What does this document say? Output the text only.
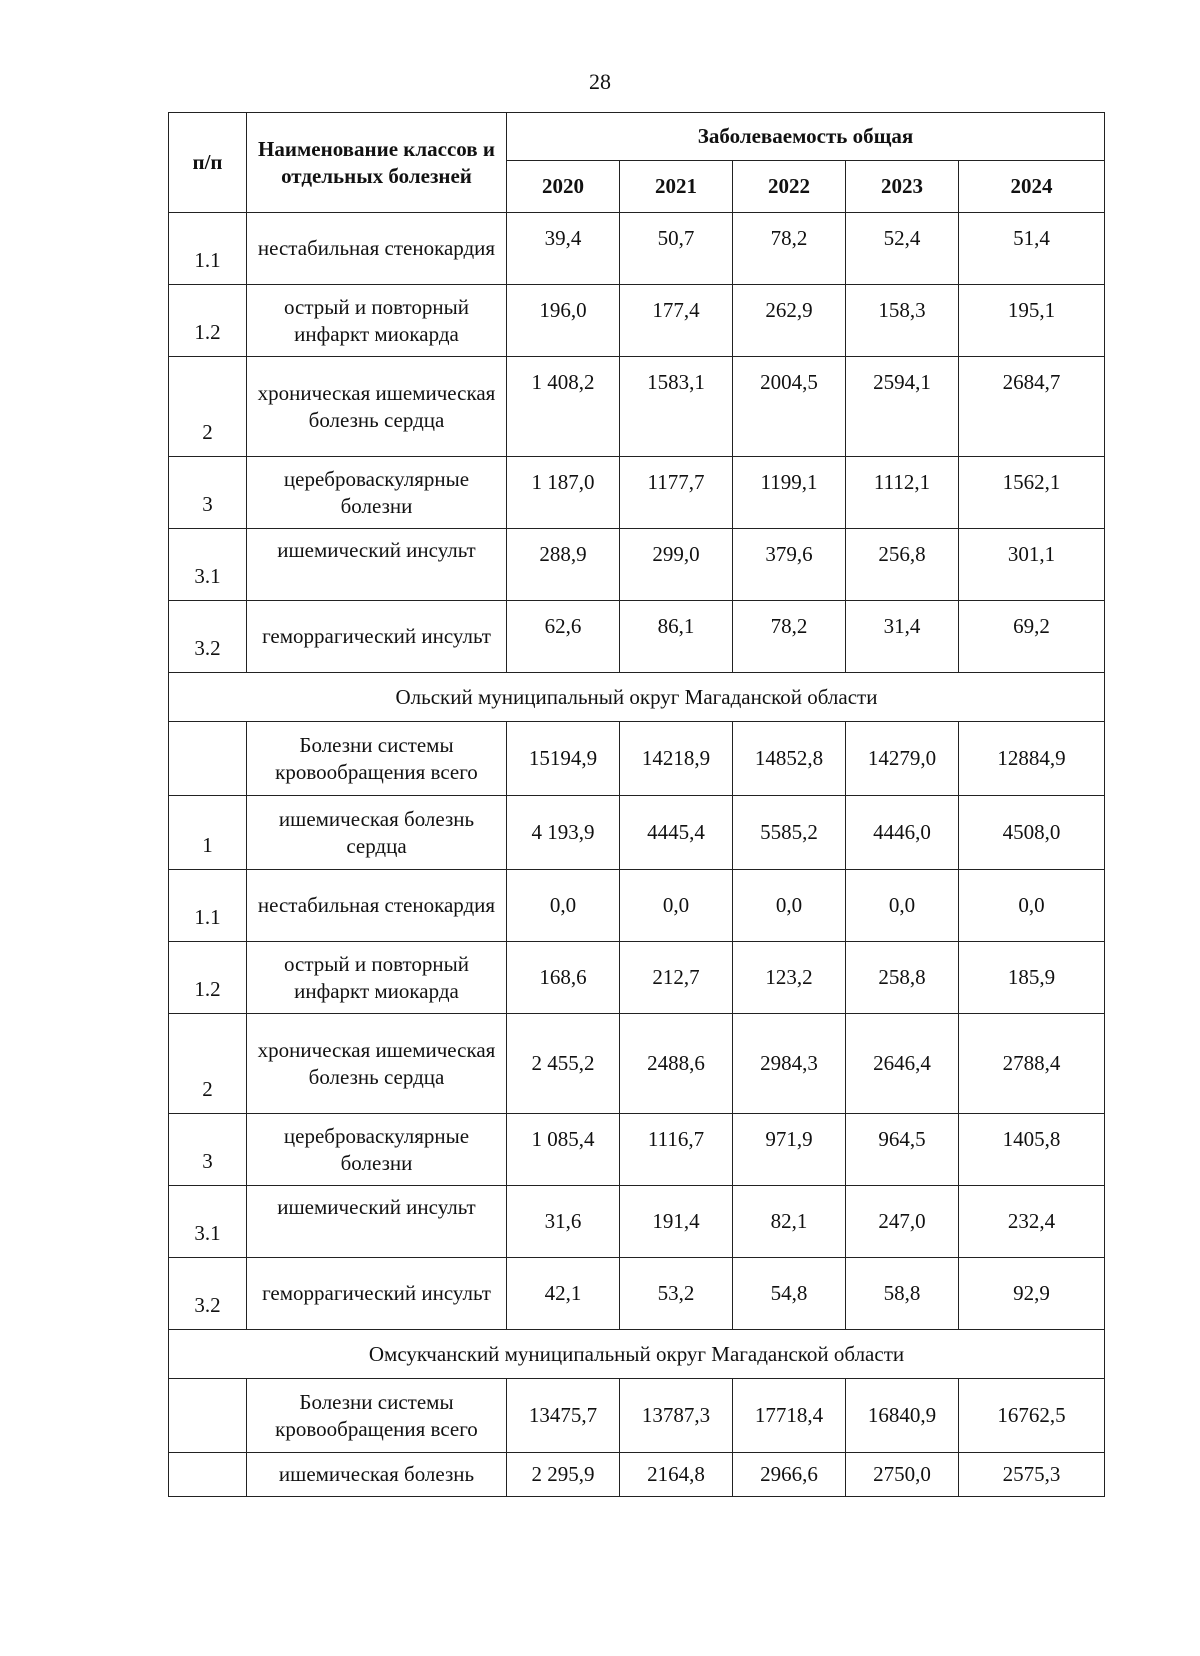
28
п/п	Наименование классов и отдельных болезней	Заболеваемость общая				
		2020	2021	2022	2023	2024
1.1	нестабильная стенокардия	39,4	50,7	78,2	52,4	51,4
1.2	острый и повторный инфаркт миокарда	196,0	177,4	262,9	158,3	195,1
2	хроническая ишемическая болезнь сердца	1 408,2	1583,1	2004,5	2594,1	2684,7
3	цереброваскулярные болезни	1 187,0	1177,7	1199,1	1112,1	1562,1
3.1	ишемический инсульт	288,9	299,0	379,6	256,8	301,1
3.2	геморрагический инсульт	62,6	86,1	78,2	31,4	69,2
Ольский муниципальный округ Магаданской области						
	Болезни системы кровообращения всего	15194,9	14218,9	14852,8	14279,0	12884,9
1	ишемическая болезнь сердца	4 193,9	4445,4	5585,2	4446,0	4508,0
1.1	нестабильная стенокардия	0,0	0,0	0,0	0,0	0,0
1.2	острый и повторный инфаркт миокарда	168,6	212,7	123,2	258,8	185,9
2	хроническая ишемическая болезнь сердца	2 455,2	2488,6	2984,3	2646,4	2788,4
3	цереброваскулярные болезни	1 085,4	1116,7	971,9	964,5	1405,8
3.1	ишемический инсульт	31,6	191,4	82,1	247,0	232,4
3.2	геморрагический инсульт	42,1	53,2	54,8	58,8	92,9
Омсукчанский муниципальный округ Магаданской области						
	Болезни системы кровообращения всего	13475,7	13787,3	17718,4	16840,9	16762,5
	ишемическая болезнь	2 295,9	2164,8	2966,6	2750,0	2575,3
